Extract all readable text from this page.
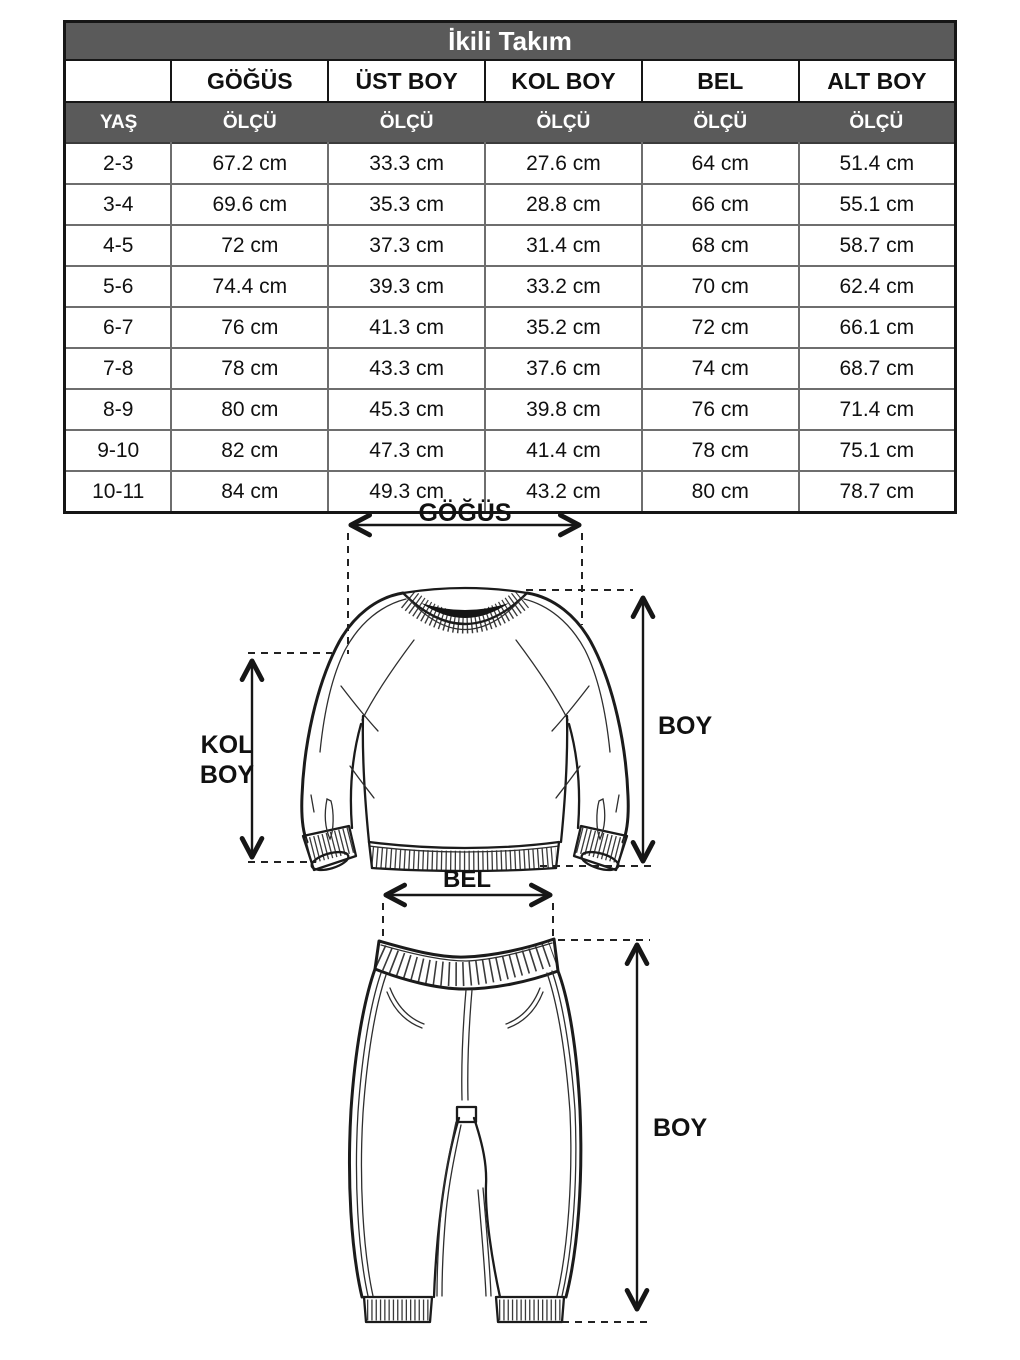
İkili Takım					
	GÖĞÜS	ÜST BOY	KOL BOY	BEL	ALT BOY
YAŞ	ÖLÇÜ	ÖLÇÜ	ÖLÇÜ	ÖLÇÜ	ÖLÇÜ
2-3	67.2 cm	33.3 cm	27.6 cm	64 cm	51.4 cm
3-4	69.6 cm	35.3 cm	28.8 cm	66 cm	55.1 cm
4-5	72 cm	37.3 cm	31.4 cm	68 cm	58.7 cm
5-6	74.4 cm	39.3 cm	33.2 cm	70 cm	62.4 cm
6-7	76 cm	41.3 cm	35.2 cm	72 cm	66.1 cm
7-8	78 cm	43.3 cm	37.6 cm	74 cm	68.7 cm
8-9	80 cm	45.3 cm	39.8 cm	76 cm	71.4 cm
9-10	82 cm	47.3 cm	41.4 cm	78 cm	75.1 cm
10-11	84 cm	49.3 cm	43.2 cm	80 cm	78.7 cm
GÖĞÜS
KOL
BOY
BOY
BEL
BOY
